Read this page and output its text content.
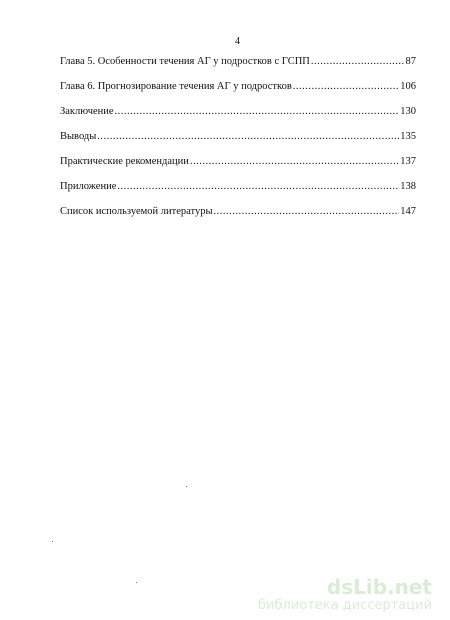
4
Глава 5. Особенности течения АГ у подростков с ГСПП .....	87
Глава 6. Прогнозирование течения АГ у подростков .....	106
Заключение .....	130
Выводы .....	135
Практические рекомендации .....	137
Приложение .....	138
Список используемой литературы .....	147
dsLib.net
библиотека диссертаций
